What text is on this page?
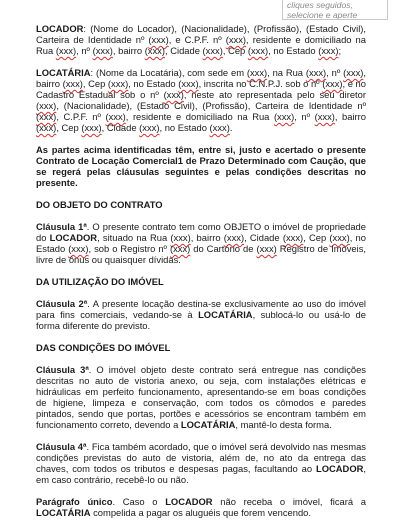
cliques seguidos, selecione e aperte

LOCADOR: (Nome do Locador), (Nacionalidade), (Profissão), (Estado Civil), Carteira de Identidade nº (xxx), e C.P.F. nº (xxx), residente e domiciliado na Rua (xxx), nº (xxx), bairro (xxx), Cidade (xxx), Cep (xxx), no Estado (xxx);

LOCATÁRIA: (Nome da Locatária), com sede em (xxx), na Rua (xxx), nº (xxx), bairro (xxx), Cep (xxx), no Estado (xxx), inscrita no C.N.P.J. sob o nº (xxx), e no Cadastro Estadual sob o nº (xxx), neste ato representada pelo seu diretor (xxx), (Nacionalidade), (Estado Civil), (Profissão), Carteira de Identidade nº (xxx), C.P.F. nº (xxx), residente e domiciliado na Rua (xxx), nº (xxx), bairro (xxx), Cep (xxx), Cidade (xxx), no Estado (xxx).

As partes acima identificadas têm, entre si, justo e acertado o presente Contrato de Locação Comercial1 de Prazo Determinado com Caução, que se regerá pelas cláusulas seguintes e pelas condições descritas no presente.

DO OBJETO DO CONTRATO

Cláusula 1ª. O presente contrato tem como OBJETO o imóvel de propriedade do LOCADOR, situado na Rua (xxx), bairro (xxx), Cidade (xxx), Cep (xxx), no Estado (xxx), sob o Registro nº (xxx) do Cartório de (xxx) Registro de Imóveis, livre de ônus ou quaisquer dívidas.

DA UTILIZAÇÃO DO IMÓVEL

Cláusula 2ª. A presente locação destina-se exclusivamente ao uso do imóvel para fins comerciais, vedando-se à LOCATÁRIA, sublocá-lo ou usá-lo de forma diferente do previsto.

DAS CONDIÇÕES DO IMÓVEL

Cláusula 3ª. O imóvel objeto deste contrato será entregue nas condições descritas no auto de vistoria anexo, ou seja, com instalações elétricas e hidráulicas em perfeito funcionamento, apresentando-se em boas condições de higiene, limpeza e conservação, com todos os cômodos e paredes pintados, sendo que portas, portões e acessórios se encontram também em funcionamento correto, devendo a LOCATÁRIA, mantê-lo desta forma.

Cláusula 4ª. Fica também acordado, que o imóvel será devolvido nas mesmas condições previstas do auto de vistoria, além de, no ato da entrega das chaves, com todos os tributos e despesas pagas, facultando ao LOCADOR, em caso contrário, recebê-lo ou não.

Parágrafo único. Caso o LOCADOR não receba o imóvel, ficará a LOCATÁRIA compelida a pagar os aluguéis que forem vencendo.
